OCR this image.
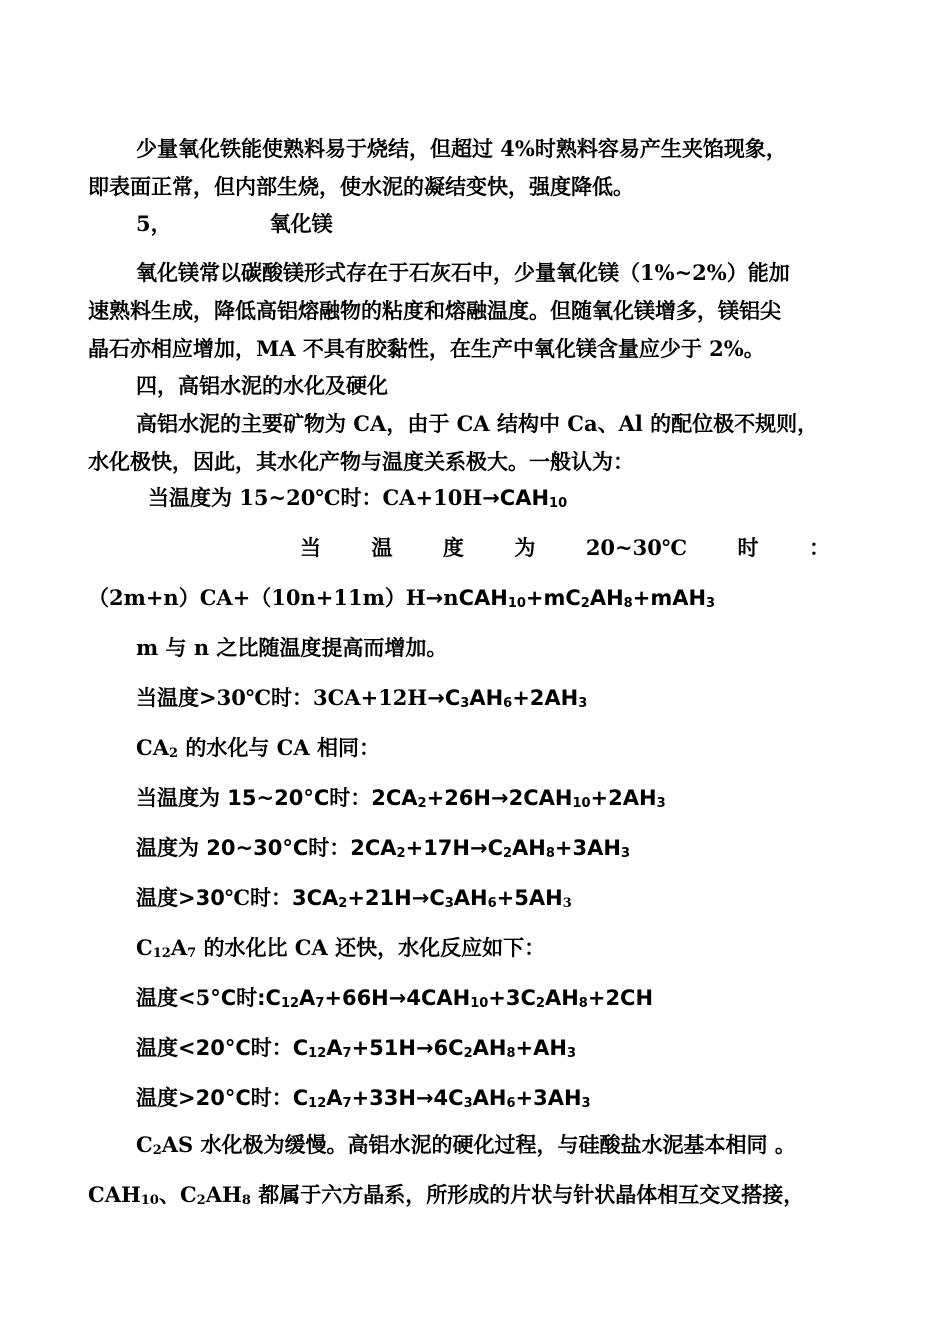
少量氧化铁能使熟料易于烧结，但超过 4%时熟料容易产生夹馅现象，
即表面正常，但内部生烧，使水泥的凝结变快，强度降低。
5，	氧化镁
氧化镁常以碳酸镁形式存在于石灰石中，少量氧化镁（1%~2%）能加
速熟料生成，降低高铝熔融物的粘度和熔融温度。但随氧化镁增多，镁铝尖
晶石亦相应增加，MA 不具有胶黏性，在生产中氧化镁含量应少于 2%。
四，高铝水泥的水化及硬化
高铝水泥的主要矿物为 CA，由于 CA 结构中 Ca、Al 的配位极不规则，
水化极快，因此，其水化产物与温度关系极大。一般认为：
当温度为 15~20℃时：$CA+10H\to CAH_{10}$
当 温 度 为 20~30℃ 时 ：
$(2m+n)CA+(10n+11m)H\to nCAH_{10}+mC_2AH_8+mAH_3$
m 与 n 之比随温度提高而增加。
当温度>30℃时：$3CA+12H\to C_3AH_6+2AH_3$
$CA_2$ 的水化与 CA 相同：
当温度为 15~20°C时：$2CA_2+26H\to 2CAH_{10}+2AH_3$
温度为 20~30°C时：$2CA_2+17H\to C_2AH_8+3AH_3$
温度>30℃时：$3CA_2+21H\to C_3AH_6+5AH_3$
$C_{12}A_7$ 的水化比 CA 还快，水化反应如下：
温度<5°C时$:C_{12}A_7+66H\to 4CAH_{10}+3C_2AH_8+2CH$
温度<20°C时：$C_{12}A_7+51H\to 6C_2AH_8+AH_3$
温度>20°C时：$C_{12}A_7+33H\to 4C_3AH_6+3AH_3$
$C_2AS$ 水化极为缓慢。高铝水泥的硬化过程，与硅酸盐水泥基本相同 。
$CAH_{10}$、$C_2AH_8$ 都属于六方晶系，所形成的片状与针状晶体相互交叉搭接，
